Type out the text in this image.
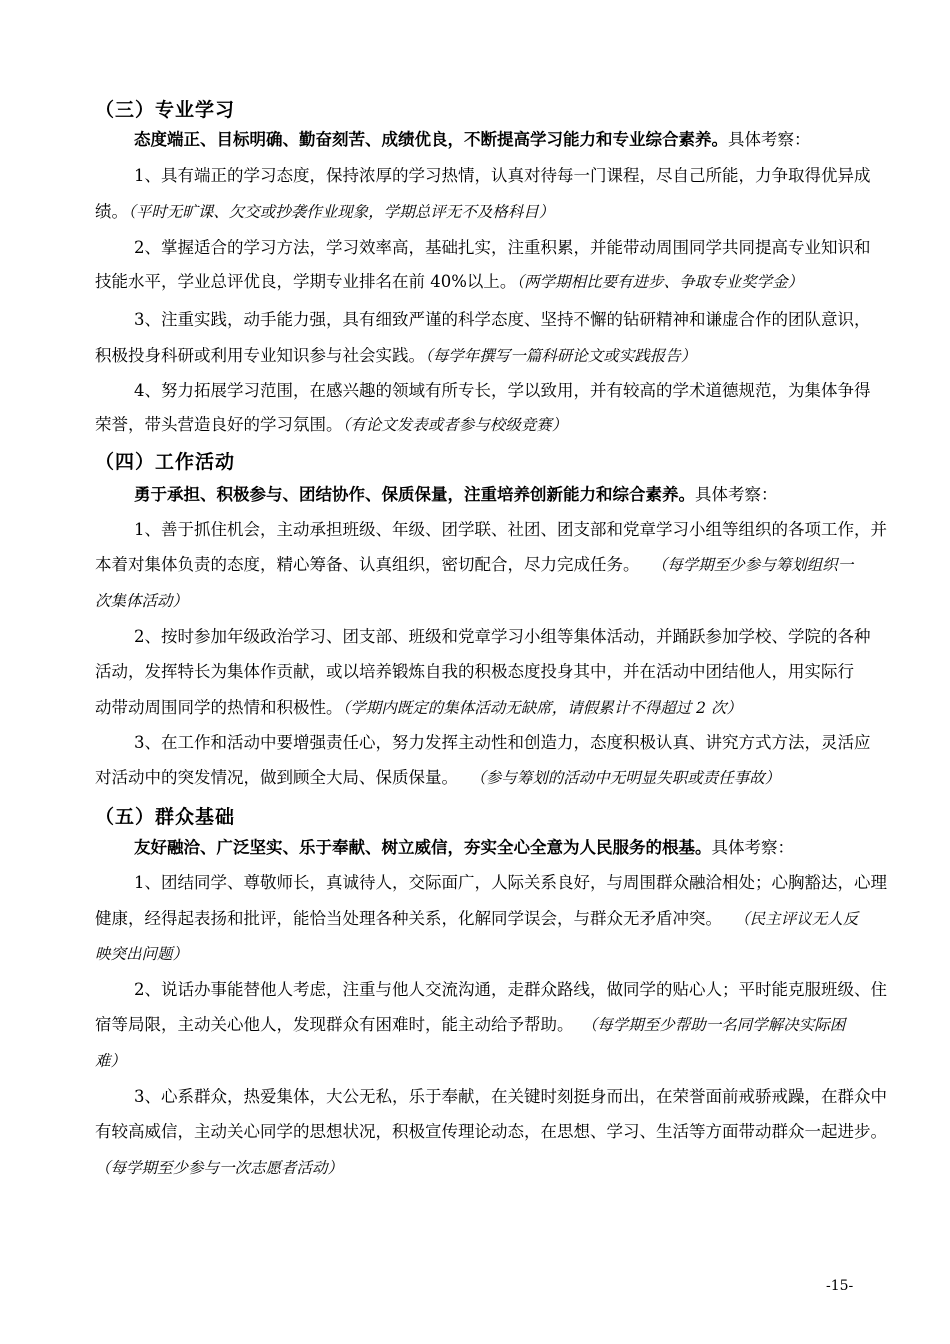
（三）专业学习
态度端正、目标明确、勤奋刻苦、成绩优良，不断提高学习能力和专业综合素养。具体考察：
1、具有端正的学习态度，保持浓厚的学习热情，认真对待每一门课程，尽自己所能，力争取得优异成
绩。（平时无旷课、欠交或抄袭作业现象，学期总评无不及格科目）
2、掌握适合的学习方法，学习效率高，基础扎实，注重积累，并能带动周围同学共同提高专业知识和
技能水平，学业总评优良，学期专业排名在前 40%以上。（两学期相比要有进步、争取专业奖学金）
3、注重实践，动手能力强，具有细致严谨的科学态度、坚持不懈的钻研精神和谦虚合作的团队意识，
积极投身科研或利用专业知识参与社会实践。（每学年撰写一篇科研论文或实践报告）
4、努力拓展学习范围，在感兴趣的领域有所专长，学以致用，并有较高的学术道德规范，为集体争得
荣誉，带头营造良好的学习氛围。（有论文发表或者参与校级竞赛）
（四）工作活动
勇于承担、积极参与、团结协作、保质保量，注重培养创新能力和综合素养。具体考察：
1、善于抓住机会，主动承担班级、年级、团学联、社团、团支部和党章学习小组等组织的各项工作，并
本着对集体负责的态度，精心筹备、认真组织，密切配合，尽力完成任务。 （每学期至少参与筹划组织一
次集体活动）
2、按时参加年级政治学习、团支部、班级和党章学习小组等集体活动，并踊跃参加学校、学院的各种
活动，发挥特长为集体作贡献，或以培养锻炼自我的积极态度投身其中，并在活动中团结他人，用实际行
动带动周围同学的热情和积极性。（学期内既定的集体活动无缺席，请假累计不得超过 2 次）
3、在工作和活动中要增强责任心，努力发挥主动性和创造力，态度积极认真、讲究方式方法，灵活应
对活动中的突发情况，做到顾全大局、保质保量。 （参与筹划的活动中无明显失职或责任事故）
（五）群众基础
友好融洽、广泛坚实、乐于奉献、树立威信，夯实全心全意为人民服务的根基。具体考察：
1、团结同学、尊敬师长，真诚待人，交际面广，人际关系良好，与周围群众融洽相处；心胸豁达，心理
健康，经得起表扬和批评，能恰当处理各种关系，化解同学误会，与群众无矛盾冲突。 （民主评议无人反
映突出问题）
2、说话办事能替他人考虑，注重与他人交流沟通，走群众路线，做同学的贴心人；平时能克服班级、住
宿等局限，主动关心他人，发现群众有困难时，能主动给予帮助。 （每学期至少帮助一名同学解决实际困
难）
3、心系群众，热爱集体，大公无私，乐于奉献，在关键时刻挺身而出，在荣誉面前戒骄戒躁，在群众中
有较高威信，主动关心同学的思想状况，积极宣传理论动态，在思想、学习、生活等方面带动群众一起进步。
（每学期至少参与一次志愿者活动）
-15-
